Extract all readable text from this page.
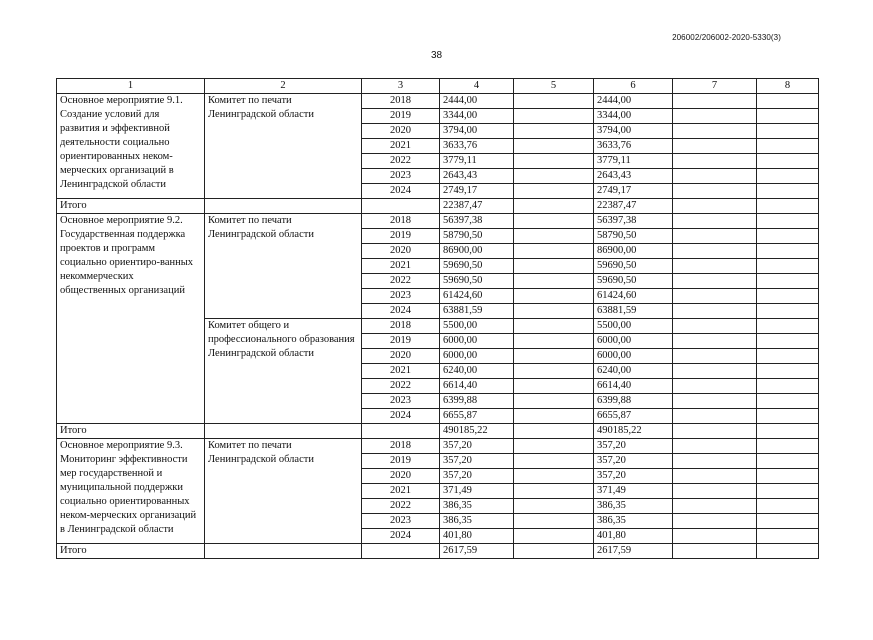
206002/206002-2020-5330(3)
38
1	2	3	4	5	6	7	8
Основное мероприятие 9.1. Создание условий для развития и эффективной деятельности социально ориентированных неком-мерческих организаций в Ленинградской области	Комитет по печати Ленинградской области	2018	2444,00		2444,00		
		2019	3344,00		3344,00		
		2020	3794,00		3794,00		
		2021	3633,76		3633,76		
		2022	3779,11		3779,11		
		2023	2643,43		2643,43		
		2024	2749,17		2749,17		
Итого			22387,47		22387,47		
Основное мероприятие 9.2. Государственная поддержка проектов и программ социально ориентиро-ванных некоммерческих общественных организаций	Комитет по печати Ленинградской области	2018	56397,38		56397,38		
		2019	58790,50		58790,50		
		2020	86900,00		86900,00		
		2021	59690,50		59690,50		
		2022	59690,50		59690,50		
		2023	61424,60		61424,60		
		2024	63881,59		63881,59		
	Комитет общего и профессионального образования Ленинградской области	2018	5500,00		5500,00		
		2019	6000,00		6000,00		
		2020	6000,00		6000,00		
		2021	6240,00		6240,00		
		2022	6614,40		6614,40		
		2023	6399,88		6399,88		
		2024	6655,87		6655,87		
Итого			490185,22		490185,22		
Основное мероприятие 9.3. Мониторинг эффективности мер государственной и муниципальной поддержки социально ориентированных неком-мерческих организаций в Ленинградской области	Комитет по печати Ленинградской области	2018	357,20		357,20		
		2019	357,20		357,20		
		2020	357,20		357,20		
		2021	371,49		371,49		
		2022	386,35		386,35		
		2023	386,35		386,35		
		2024	401,80		401,80		
Итого			2617,59		2617,59		
